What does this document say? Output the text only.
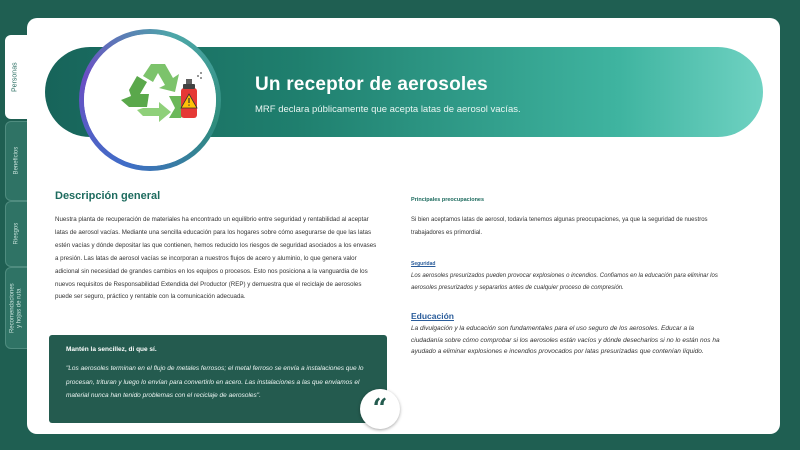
Personas
Beneficios
Riesgos
Recomendaciones y hojas de ruta
Un receptor de aerosoles
MRF declara públicamente que acepta latas de aerosol vacías.
Descripción general
Nuestra planta de recuperación de materiales ha encontrado un equilibrio entre seguridad y rentabilidad al aceptar latas de aerosol vacías. Mediante una sencilla educación para los hogares sobre cómo asegurarse de que las latas estén vacías y dónde depositar las que contienen, hemos reducido los riesgos de seguridad asociados a los envases a presión. Las latas de aerosol vacías se incorporan a nuestros flujos de acero y aluminio, lo que genera valor adicional sin necesidad de grandes cambios en los equipos o procesos. Esto nos posiciona a la vanguardia de los nuevos requisitos de Responsabilidad Extendida del Productor (REP) y demuestra que el reciclaje de aerosoles puede ser seguro, práctico y rentable con la comunicación adecuada.
Mantén la sencillez, di que sí.
"Los aerosoles terminan en el flujo de metales ferrosos; el metal ferroso se envía a instalaciones que lo procesan, trituran y luego lo envían para convertirlo en acero. Las instalaciones a las que enviamos el material nunca han tenido problemas con el reciclaje de aerosoles".	“
Principales preocupaciones
Si bien aceptamos latas de aerosol, todavía tenemos algunas preocupaciones, ya que la seguridad de nuestros trabajadores es primordial.
Seguridad
Los aerosoles presurizados pueden provocar explosiones o incendios. Confiamos en la educación para eliminar los aerosoles presurizados y separarlos antes de cualquier proceso de compresión.
Educación
La divulgación y la educación son fundamentales para el uso seguro de los aerosoles. Educar a la ciudadanía sobre cómo comprobar si los aerosoles están vacíos y dónde desecharlos si no lo están nos ha ayudado a eliminar explosiones e incendios provocados por latas presurizadas que contenían líquido.
